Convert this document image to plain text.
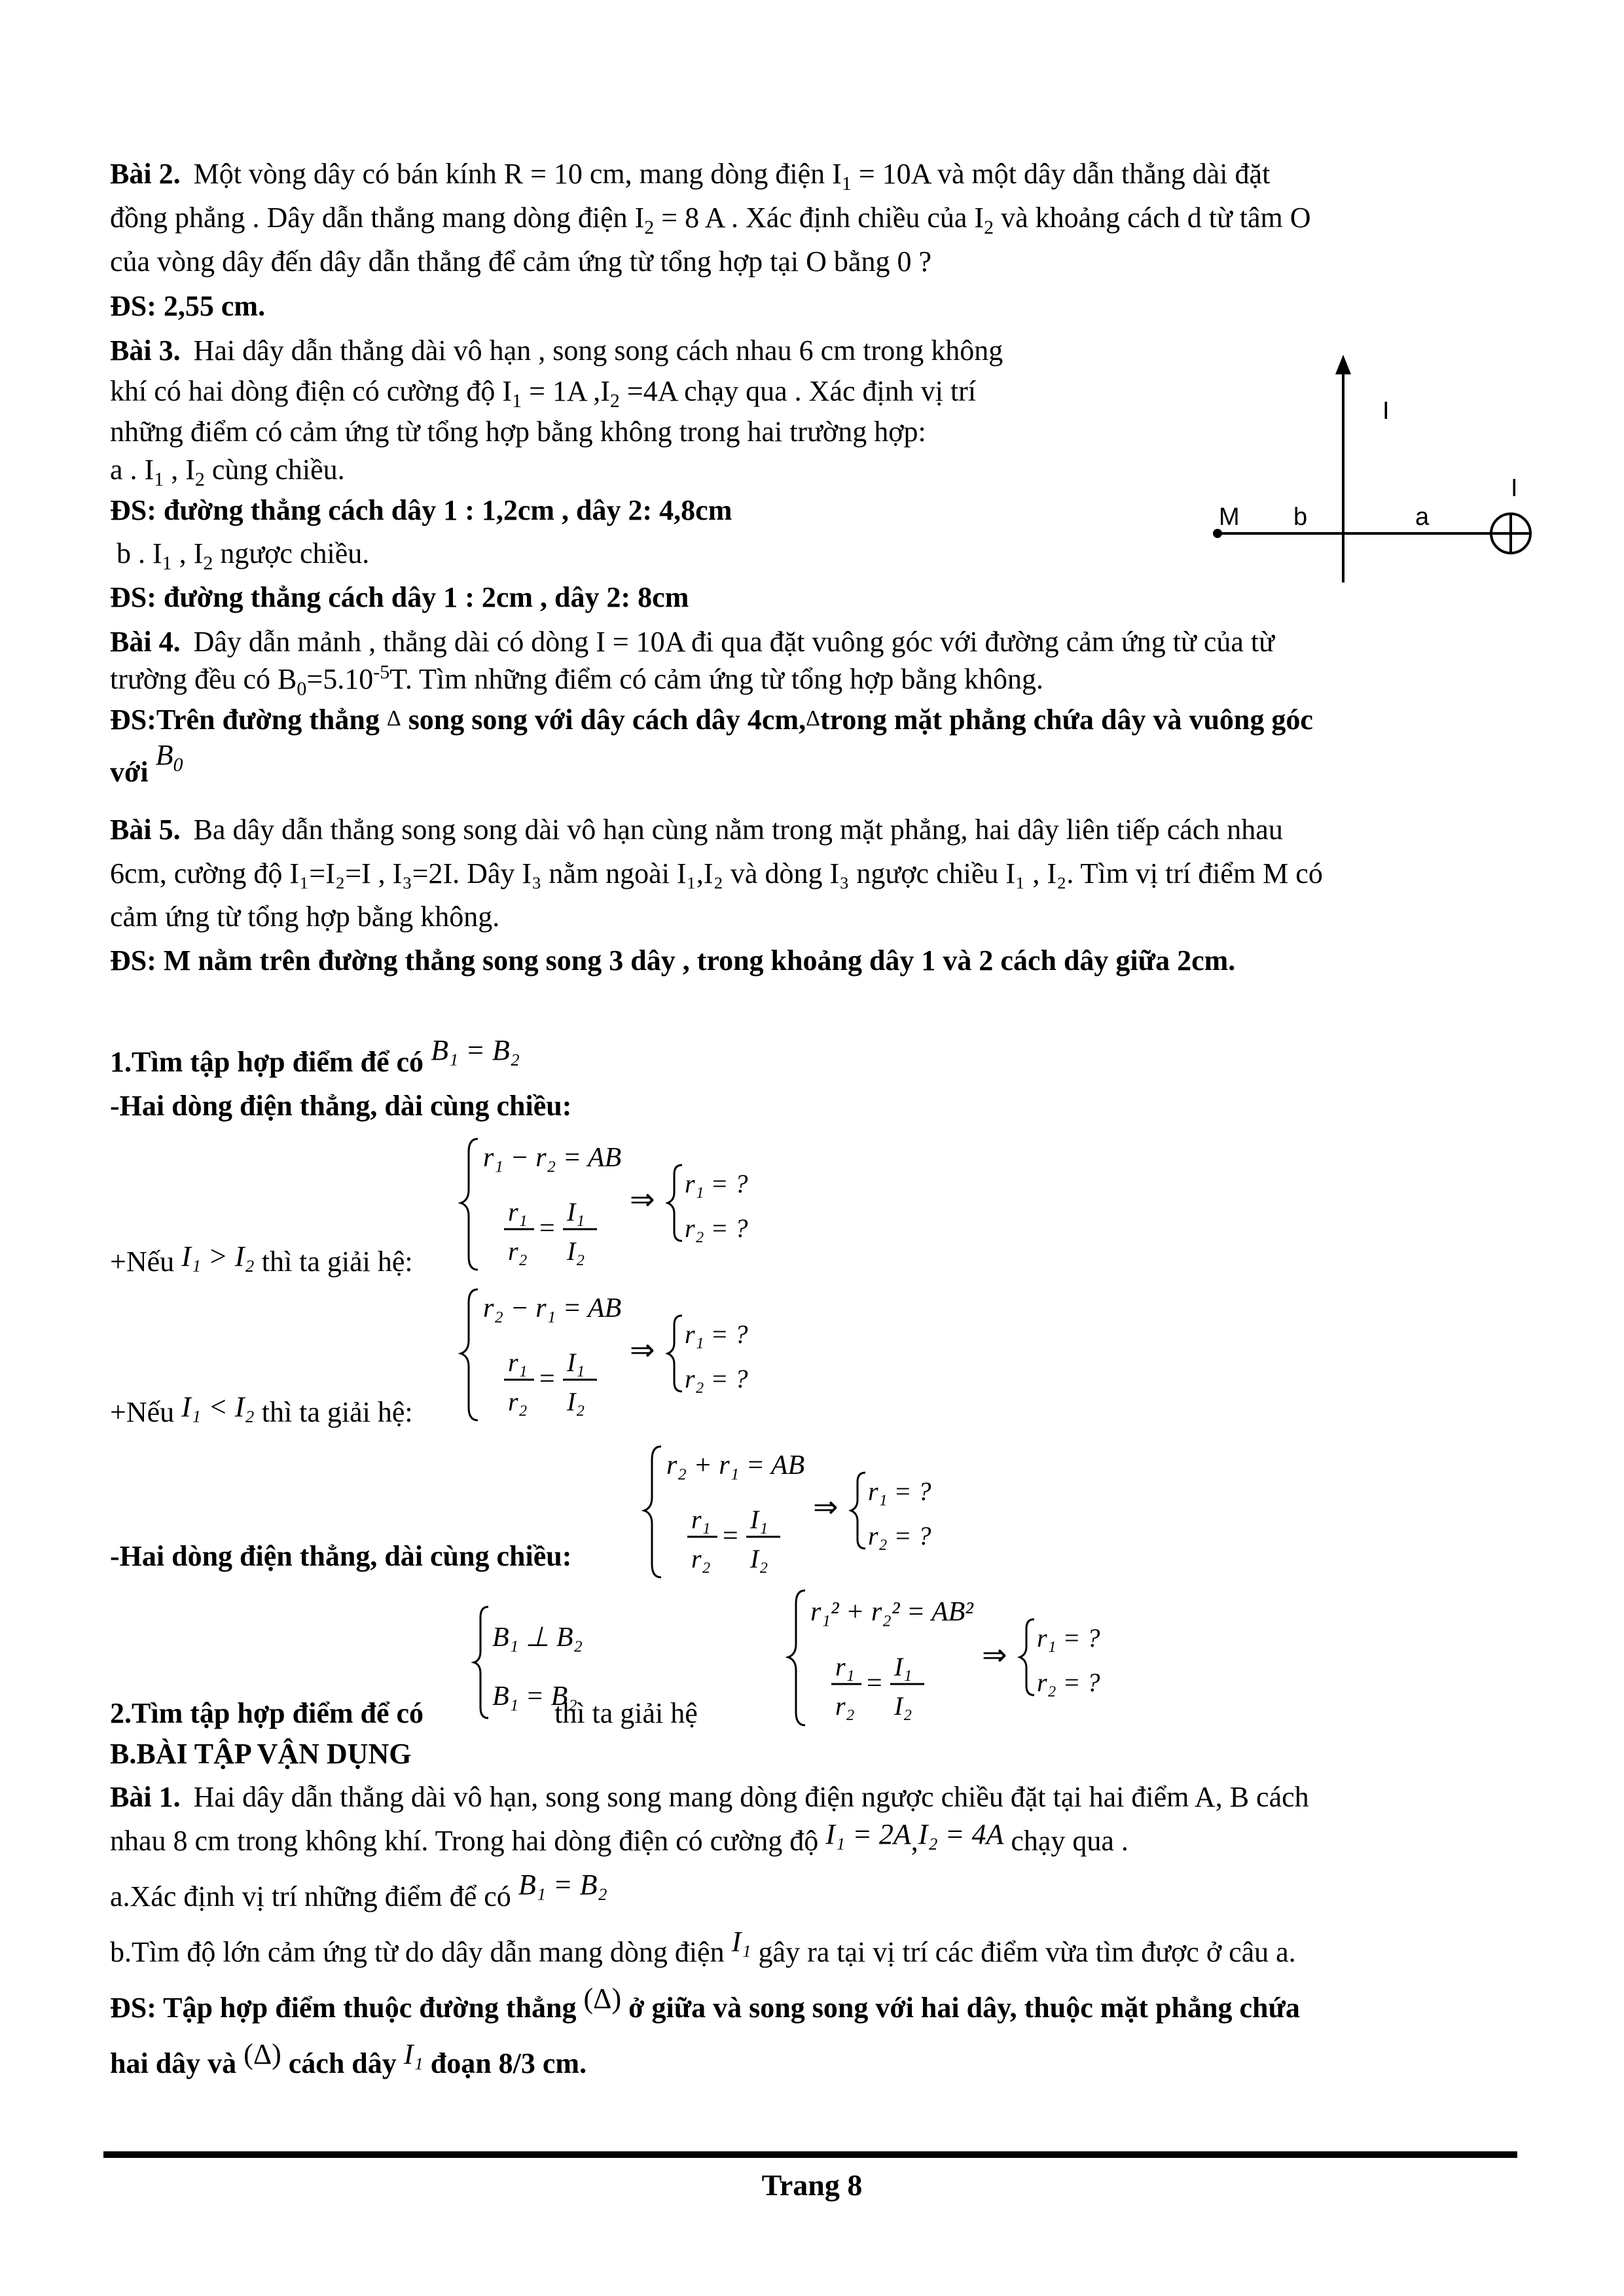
Bài 2. Một vòng dây có bán kính R = 10 cm, mang dòng điện $I_1 = 10A$ và một dây dẫn thẳng dài đặt
đồng phẳng . Dây dẫn thẳng mang dòng điện $I_2 = 8$ A . Xác định chiều của $I_2$ và khoảng cách d từ tâm O
của vòng dây đến dây dẫn thẳng để cảm ứng từ tổng hợp tại O bằng 0 ?
ĐS: 2,55 cm.
Bài 3. Hai dây dẫn thẳng dài vô hạn , song song cách nhau 6 cm trong không
khí có hai dòng điện có cường độ $I_1 = 1A$ $,I_2 =4A$ chạy qua . Xác định vị trí
những điểm có cảm ứng từ tổng hợp bằng không trong hai trường hợp:
a . $I_1$ , $I_2$ cùng chiều.
ĐS: đường thẳng cách dây 1 : 1,2cm , dây 2: 4,8cm
b . $I_1$ , $I_2$ ngược chiều.
ĐS: đường thẳng cách dây 1 : 2cm , dây 2: 8cm
I
I
M b	a
Bài 4. Dây dẫn mảnh , thẳng dài có dòng I = 10A đi qua đặt vuông góc với đường cảm ứng từ của từ
trường đều có $B_0=5.10^{-5}T$. Tìm những điểm có cảm ứng từ tổng hợp bằng không.
ĐS:Trên đường thẳng Δ song song với dây cách dây 4cm,Δtrong mặt phẳng chứa dây và vuông góc
với $B_0$
Bài 5. Ba dây dẫn thẳng song song dài vô hạn cùng nằm trong mặt phẳng, hai dây liên tiếp cách nhau
6cm, cường độ I₁=I₂=I , I₃=2I. Dây I₃ nằm ngoài I₁,I₂ và dòng I₃ ngược chiều I₁ , I₂. Tìm vị trí điểm M có
cảm ứng từ tổng hợp bằng không.
ĐS: M nằm trên đường thẳng song song 3 dây , trong khoảng dây 1 và 2 cách dây giữa 2cm.
1.Tìm tập hợp điểm để có B₁ = B₂
-Hai dòng điện thẳng, dài cùng chiều:
r₁ − r₂ = AB
r₁
r₂
=
I₁
I₂
⇒ r₁ = ?
r₂ = ?
+Nếu I₁ > I₂ thì ta giải hệ:
r₂ − r₁ = AB
r₁
r₂
=
I₁
I₂
⇒ r₁ = ?
r₂ = ?
+Nếu I₁ < I₂ thì ta giải hệ:
r₂ + r₁ = AB
r₁
r₂
=
I₁
I₂
⇒ r₁ = ?
r₂ = ?
-Hai dòng điện thẳng, dài cùng chiều:
B₁ ⊥ B₂
B₁ = B₂
r₁² + r₂² = AB²
r₁
r₂
=
I₁
I₂
⇒
r₁ = ?
r₂ = ?
2.Tìm tập hợp điểm để có	thì ta giải hệ
B.BÀI TẬP VẬN DỤNG
Bài 1. Hai dây dẫn thẳng dài vô hạn, song song mang dòng điện ngược chiều đặt tại hai điểm A, B cách
nhau 8 cm trong không khí. Trong hai dòng điện có cường độ I₁ = 2A,I₂ = 4A chạy qua .
a.Xác định vị trí những điểm để có B₁ = B₂
b.Tìm độ lớn cảm ứng từ do dây dẫn mang dòng điện I₁ gây ra tại vị trí các điểm vừa tìm được ở câu a.
ĐS: Tập hợp điểm thuộc đường thẳng (Δ) ở giữa và song song với hai dây, thuộc mặt phẳng chứa
hai dây và (Δ) cách dây I₁ đoạn 8/3 cm.
Trang 8
